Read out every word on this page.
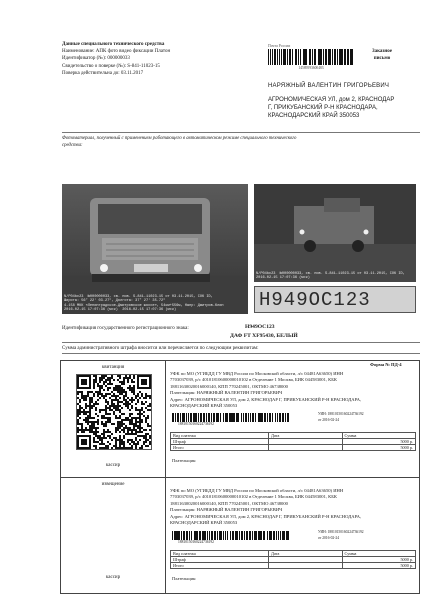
Данные специального технического средства
Наименование: АПК фото видео фиксации Платон
Идентификатор (№): 000000033
Свидетельство о поверке (№): S-841-11023-15
Поверка действительна до: 03.11.2017
Почта России
14589593600483
Заказное
письмо
НАРЯЖНЫЙ ВАЛЕНТИН ГРИГОРЬЕВИЧ
АГРОНОМИЧЕСКАЯ УЛ, дом 2, КРАСНОДАР
Г, ПРИКУБАНСКИЙ Р-Н КРАСНОДАРА,
КРАСНОДАРСКИЙ КРАЙ 350053
Фотоматериал, полученный с применением работающего в автоматическом режиме специального технического средства:
N/P04bc23  №000000033, св. пов. S-841-11023-15 от 03.11.2015, СОК ID,
Широта: 56° 22' 03.27", Долгота: 37° 27' 35.72"
4-158 МКК «Ленинградское-Дмитровское шоссе», 54км+556м, Напр: Дмитров-Клин
2016-02-15 17:07:36 (мск)  2016-02-15 17:07:36 (мск)
N/P04bc23  №000000033, св. пов. S-841-11023-15 от 03.11.2015, СОК ID,
2016-02-15 17:07:36 (мск)
Н949ОС123
Идентификация государственного регистрационного знака:	Н949ОС123
ДАФ FT XF95430, БЕЛЫЙ
Сумма административного штрафа вносится или перечисляется по следующим реквизитам:
квитанция
кассир
Форма № ПД-4
УФК по МО (УГИБДД ГУ МВД России по Московской области, л/с 04481А63650) ИНН
7703037039, р/с 40101810600000010102 в Отделение 1 Москва, БИК 044583001, КБК
18811630020016000140, КПП 770245001, ОКТМО 46738000
Плательщик: НАРЯЖНЫЙ ВАЛЕНТИН ГРИГОРЬЕВИЧ
Адрес: АГРОНОМИЧЕСКАЯ УЛ, дом 2, КРАСНОДАР Г, ПРИКУБАНСКИЙ Р-Н КРАСНОДАРА,
КРАСНОДАРСКИЙ КРАЙ 350053
18810150160224736192
УИН: 18810150160224736192
от 2016-02-24
Вид платежа	Дата	Сумма
Штраф		5000 р.
Итого		5000 р.
Плательщик:
извещение
кассир
УФК по МО (УГИБДД ГУ МВД России по Московской области, л/с 04481А63650) ИНН
7703037039, р/с 40101810600000010102 в Отделение 1 Москва, БИК 044583001, КБК
18811630020016000140, КПП 770245001, ОКТМО 46738000
Плательщик: НАРЯЖНЫЙ ВАЛЕНТИН ГРИГОРЬЕВИЧ
Адрес: АГРОНОМИЧЕСКАЯ УЛ, дом 2, КРАСНОДАР Г, ПРИКУБАНСКИЙ Р-Н КРАСНОДАРА,
КРАСНОДАРСКИЙ КРАЙ 350053
18810150160224736192
УИН: 18810150160224736192
от 2016-02-24
Вид платежа	Дата	Сумма
Штраф		5000 р.
Итого		5000 р.
Плательщик:
